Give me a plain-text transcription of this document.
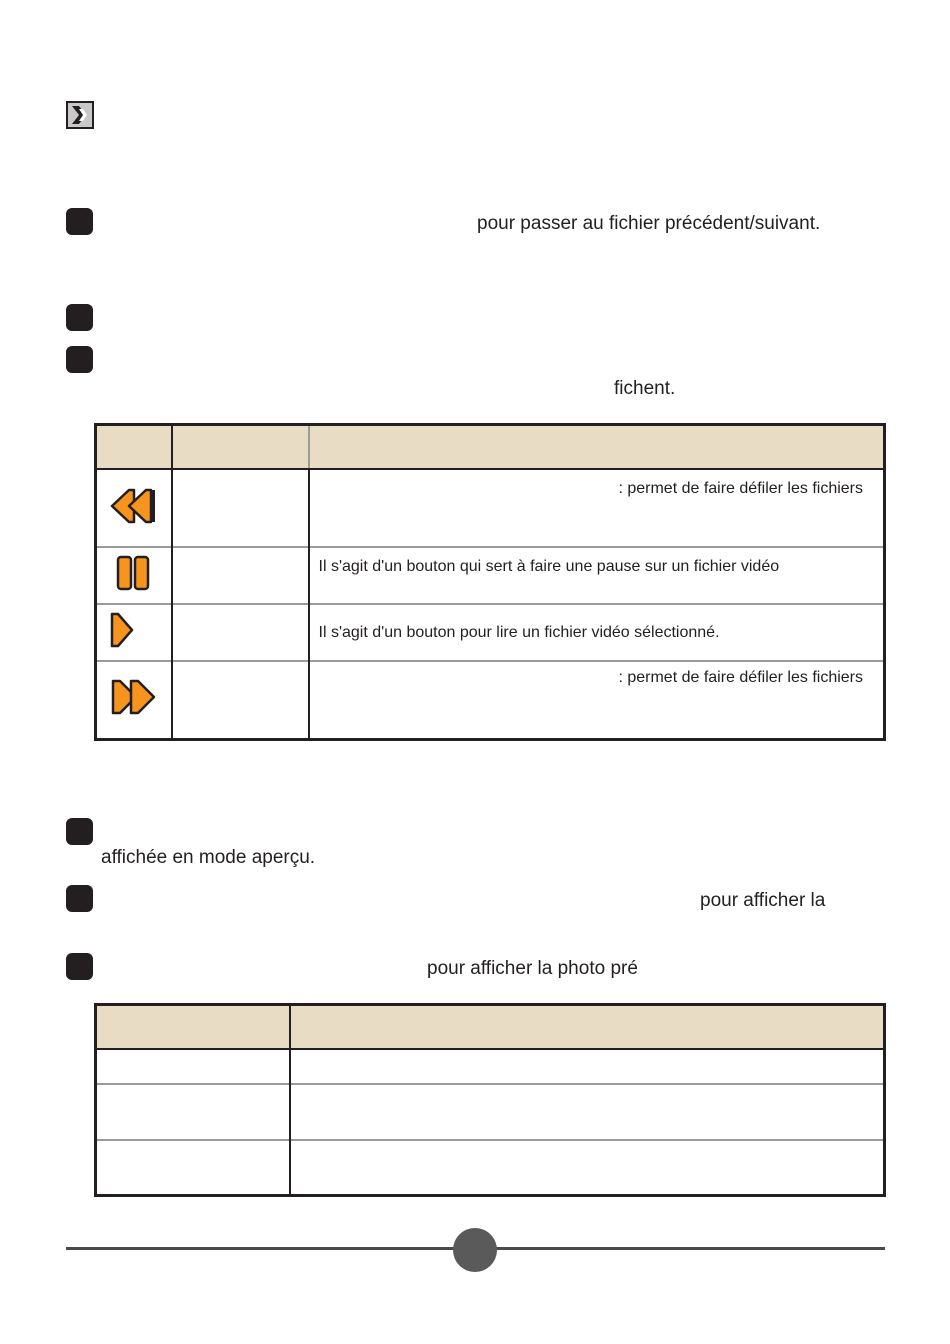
pour passer au fichier précédent/suivant.
fichent.

		: permet de faire défiler les fichiers
		Il s'agit d'un bouton qui sert à faire une pause sur un fichier vidéo
		Il s'agit d'un bouton pour lire un fichier vidéo sélectionné.
		: permet de faire défiler les fichiers
affichée en mode aperçu.
pour afficher la
pour afficher la photo pré
